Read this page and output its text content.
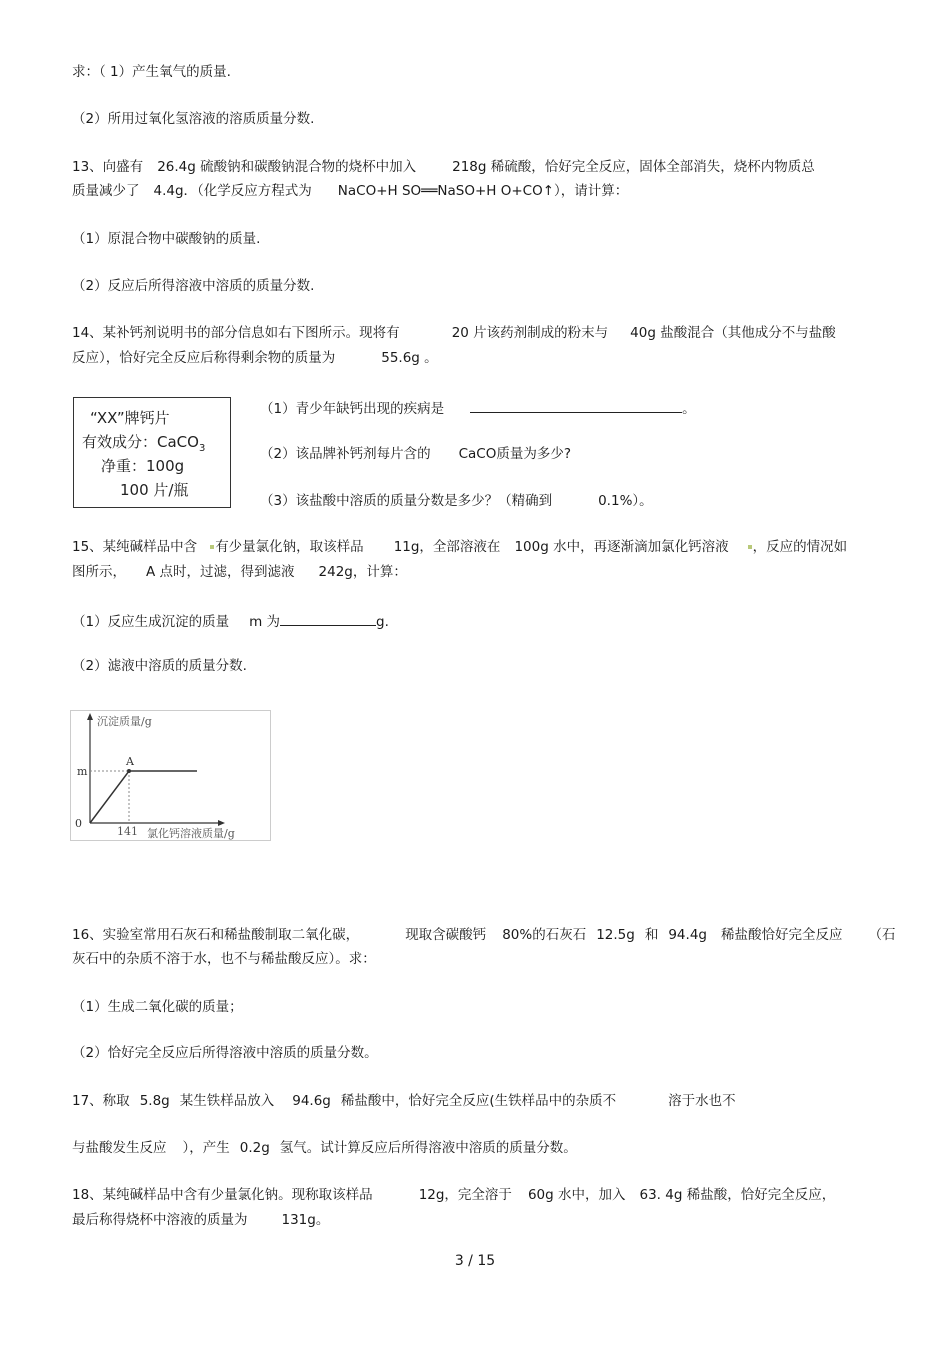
求：（ 1）产生氧气的质量.
（2）所用过氧化氢溶液的溶质质量分数.
13、向盛有 26.4g 硫酸钠和碳酸钠混合物的烧杯中加入	218g 稀硫酸，恰好完全反应，固体全部消失，烧杯内物质总
质量减少了 4.4g．（化学反应方程式为 NaCO+H SO══NaSO+H O+CO↑），请计算：
（1）原混合物中碳酸钠的质量.
（2）反应后所得溶液中溶质的质量分数.
14、某补钙剂说明书的部分信息如右下图所示。现将有	20 片该药剂制成的粉末与 40g 盐酸混合（其他成分不与盐酸
反应），恰好完全反应后称得剩余物的质量为	55.6g 。
“XX”牌钙片
有效成分：CaCO$_3$
净重：100g
100 片/瓶
（1）青少年缺钙出现的疾病是	。
（2）该品牌补钙剂每片含的 CaCO质量为多少?
（3）该盐酸中溶质的质量分数是多少？（精确到	0.1%）。
15、某纯碱样品中含 有少量氯化钠，取该样品 11g，全部溶液在 100g 水中，再逐渐滴加氯化钙溶液 ，反应的情况如
图所示， A 点时，过滤，得到滤液 242g，计算：
（1）反应生成沉淀的质量 m 为	g.
（2）滤液中溶质的质量分数.
沉淀质量/g
m
A
0
141 氯化钙溶液质量/g
16、实验室常用石灰石和稀盐酸制取二氧化碳，	现取含碳酸钙 80%的石灰石 12.5g 和 94.4g 稀盐酸恰好完全反应 （石
灰石中的杂质不溶于水，也不与稀盐酸反应）。求：
（1）生成二氧化碳的质量；
（2）恰好完全反应后所得溶液中溶质的质量分数。
17、称取 5.8g 某生铁样品放入 94.6g 稀盐酸中，恰好完全反应(生铁样品中的杂质不	溶于水也不
与盐酸发生反应 ），产生 0.2g 氢气。试计算反应后所得溶液中溶质的质量分数。
18、某纯碱样品中含有少量氯化钠。现称取该样品	12g，完全溶于 60g 水中，加入 63. 4g 稀盐酸，恰好完全反应，
最后称得烧杯中溶液的质量为	131g。
3 / 15
